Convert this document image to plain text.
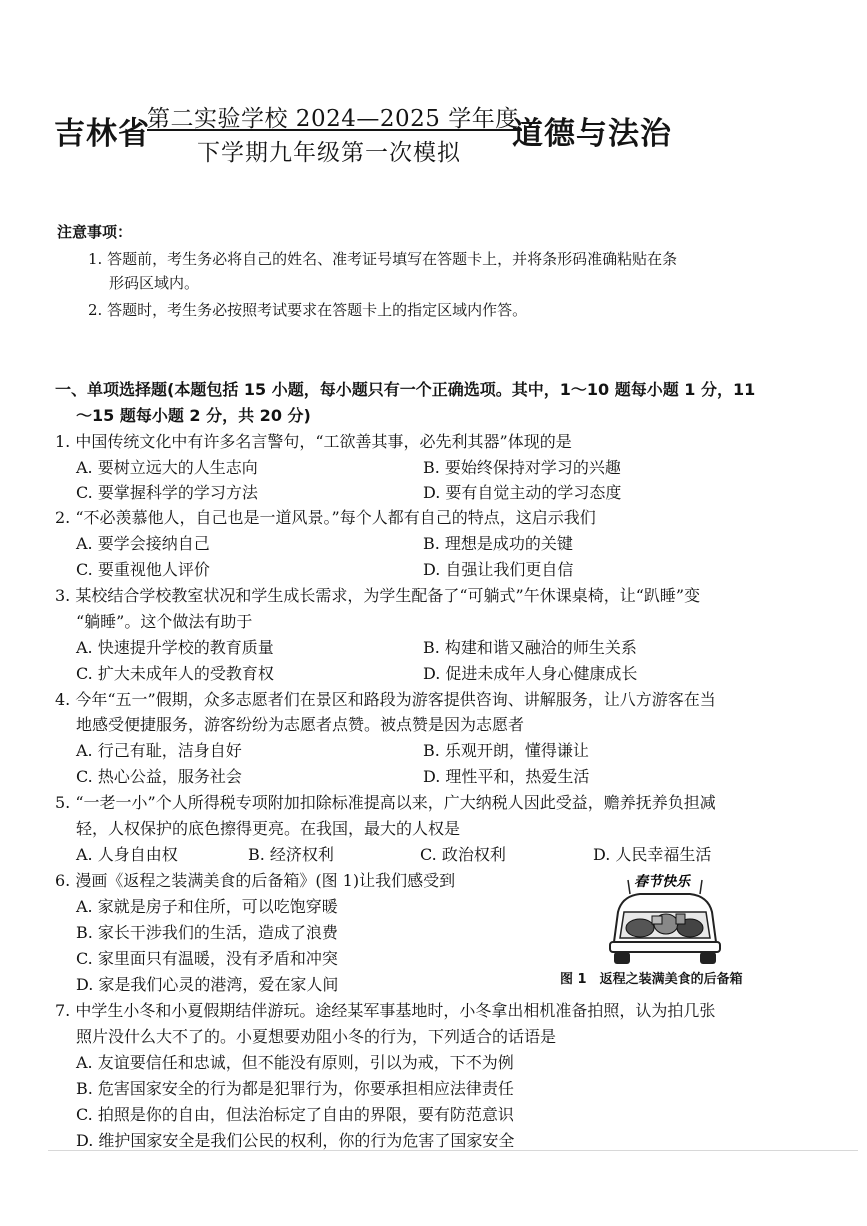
吉林省
第二实验学校 2024—2025 学年度
下学期九年级第一次模拟
道德与法治
注意事项：
1. 答题前，考生务必将自己的姓名、准考证号填写在答题卡上，并将条形码准确粘贴在条
形码区域内。
2. 答题时，考生务必按照考试要求在答题卡上的指定区域内作答。
一、单项选择题(本题包括 15 小题，每小题只有一个正确选项。其中，1～10 题每小题 1 分，11
～15 题每小题 2 分，共 20 分)
1. 中国传统文化中有许多名言警句，“工欲善其事，必先利其器”体现的是
A. 要树立远大的人生志向	B. 要始终保持对学习的兴趣
C. 要掌握科学的学习方法	D. 要有自觉主动的学习态度
2. “不必羡慕他人，自己也是一道风景。”每个人都有自己的特点，这启示我们
A. 要学会接纳自己	B. 理想是成功的关键
C. 要重视他人评价	D. 自强让我们更自信
3. 某校结合学校教室状况和学生成长需求，为学生配备了“可躺式”午休课桌椅，让“趴睡”变
“躺睡”。这个做法有助于
A. 快速提升学校的教育质量	B. 构建和谐又融洽的师生关系
C. 扩大未成年人的受教育权	D. 促进未成年人身心健康成长
4. 今年“五一”假期，众多志愿者们在景区和路段为游客提供咨询、讲解服务，让八方游客在当
地感受便捷服务，游客纷纷为志愿者点赞。被点赞是因为志愿者
A. 行己有耻，洁身自好	B. 乐观开朗，懂得谦让
C. 热心公益，服务社会	D. 理性平和，热爱生活
5. “一老一小”个人所得税专项附加扣除标准提高以来，广大纳税人因此受益，赡养抚养负担减
轻，人权保护的底色擦得更亮。在我国，最大的人权是
A. 人身自由权	B. 经济权利	C. 政治权利	D. 人民幸福生活
6. 漫画《返程之装满美食的后备箱》(图 1)让我们感受到
A. 家就是房子和住所，可以吃饱穿暖
B. 家长干涉我们的生活，造成了浪费
C. 家里面只有温暖，没有矛盾和冲突
D. 家是我们心灵的港湾，爱在家人间
春节快乐
图 1　返程之装满美食的后备箱
7. 中学生小冬和小夏假期结伴游玩。途经某军事基地时，小冬拿出相机准备拍照，认为拍几张
照片没什么大不了的。小夏想要劝阻小冬的行为，下列适合的话语是
A. 友谊要信任和忠诚，但不能没有原则，引以为戒，下不为例
B. 危害国家安全的行为都是犯罪行为，你要承担相应法律责任
C. 拍照是你的自由，但法治标定了自由的界限，要有防范意识
D. 维护国家安全是我们公民的权利，你的行为危害了国家安全
